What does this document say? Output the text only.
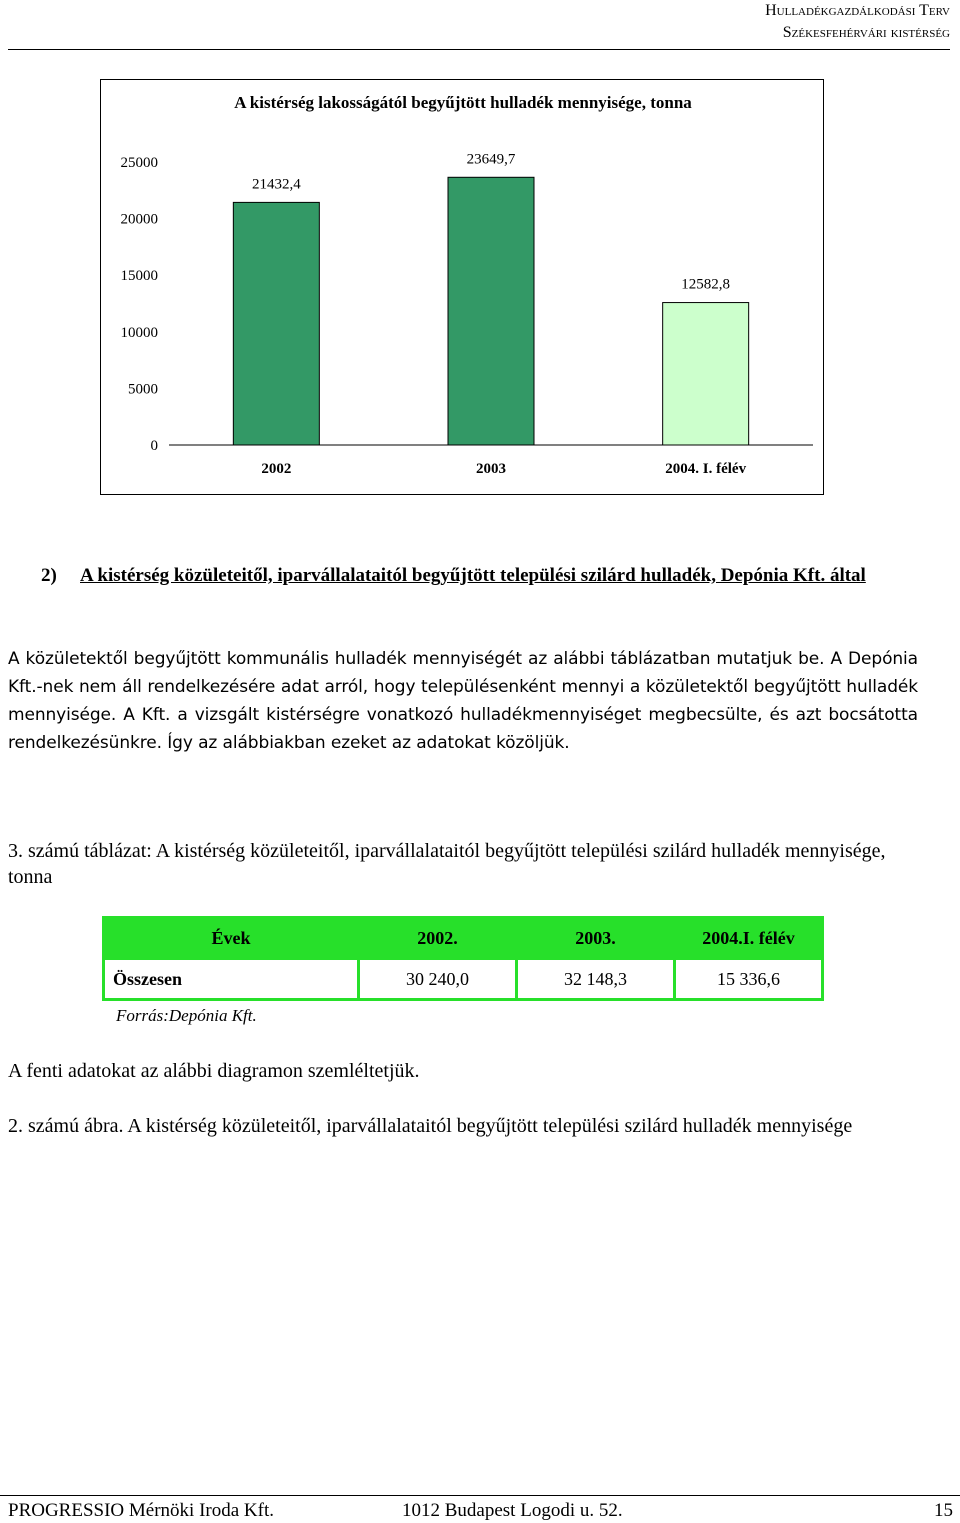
Hulladékgazdálkodási Terv
Székesfehérvári kistérség
A kistérség lakosságától begyűjtött hulladék mennyisége, tonna
0
5000
10000
15000
20000
25000
21432,4
23649,7
12582,8
2002	2003	2004. I. félév
2) A kistérség közületeitől, iparvállalataitól begyűjtött települési szilárd hulladék, Depónia Kft. által

A közületektől begyűjtött kommunális hulladék mennyiségét az alábbi táblázatban mutatjuk be. A Depónia Kft.-nek nem áll rendelkezésére adat arról, hogy településenként mennyi a közületektől begyűjtött hulladék mennyisége. A Kft. a vizsgált kistérségre vonatkozó hulladékmennyiséget megbecsülte, és azt bocsátotta rendelkezésünkre. Így az alábbiakban ezeket az adatokat közöljük.

3. számú táblázat: A kistérség közületeitől, iparvállalataitól begyűjtött települési szilárd hulladék mennyisége, tonna

Évek	2002.	2003.	2004.I. félév
Összesen	30 240,0	32 148,3	15 336,6
Forrás:Depónia Kft.

A fenti adatokat az alábbi diagramon szemléltetjük.

2. számú ábra. A kistérség közületeitől, iparvállalataitól begyűjtött települési szilárd hulladék mennyisége

PROGRESSIO Mérnöki Iroda Kft.	1012 Budapest Logodi u. 52.	15
